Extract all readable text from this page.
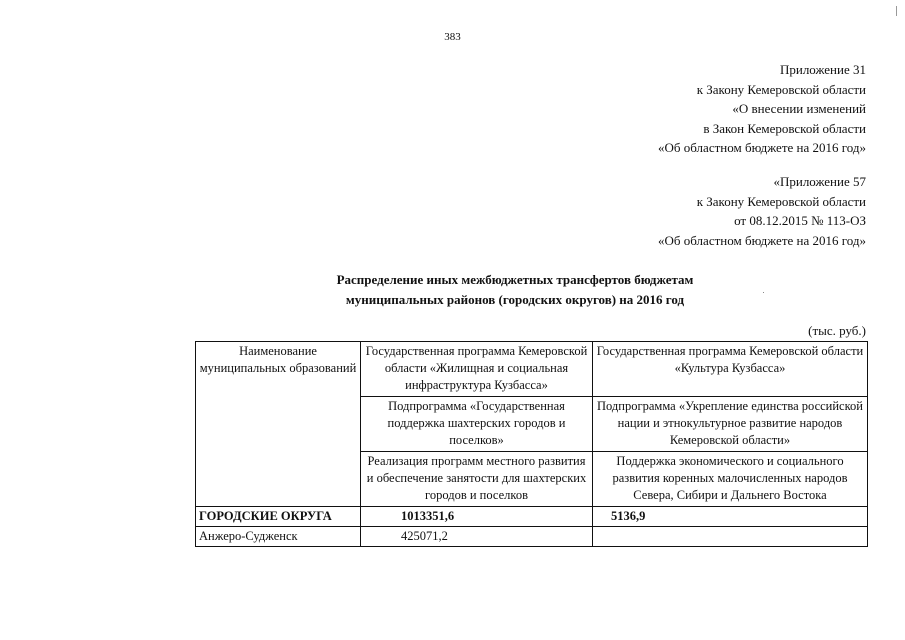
383
Приложение 31
к Закону Кемеровской области
«О внесении изменений
в Закон Кемеровской области
«Об областном бюджете на 2016 год»
«Приложение 57
к Закону Кемеровской области
от 08.12.2015 № 113-ОЗ
«Об областном бюджете на 2016 год»
Распределение иных межбюджетных трансфертов бюджетам
муниципальных районов (городских округов) на 2016 год
(тыс. руб.)
Наименование муниципальных образований	Государственная программа Кемеровской области «Жилищная и социальная инфраструктура Кузбасса»	Государственная программа Кемеровской области «Культура Кузбасса»
	Подпрограмма «Государственная поддержка шахтерских городов и поселков»	Подпрограмма «Укрепление единства российской нации и этнокультурное развитие народов Кемеровской области»
	Реализация программ местного развития и обеспечение занятости для шахтерских городов и поселков	Поддержка экономического и социального развития коренных малочисленных народов Севера, Сибири и Дальнего Востока
ГОРОДСКИЕ ОКРУГА	1013351,6	5136,9
Анжеро-Судженск	425071,2	
